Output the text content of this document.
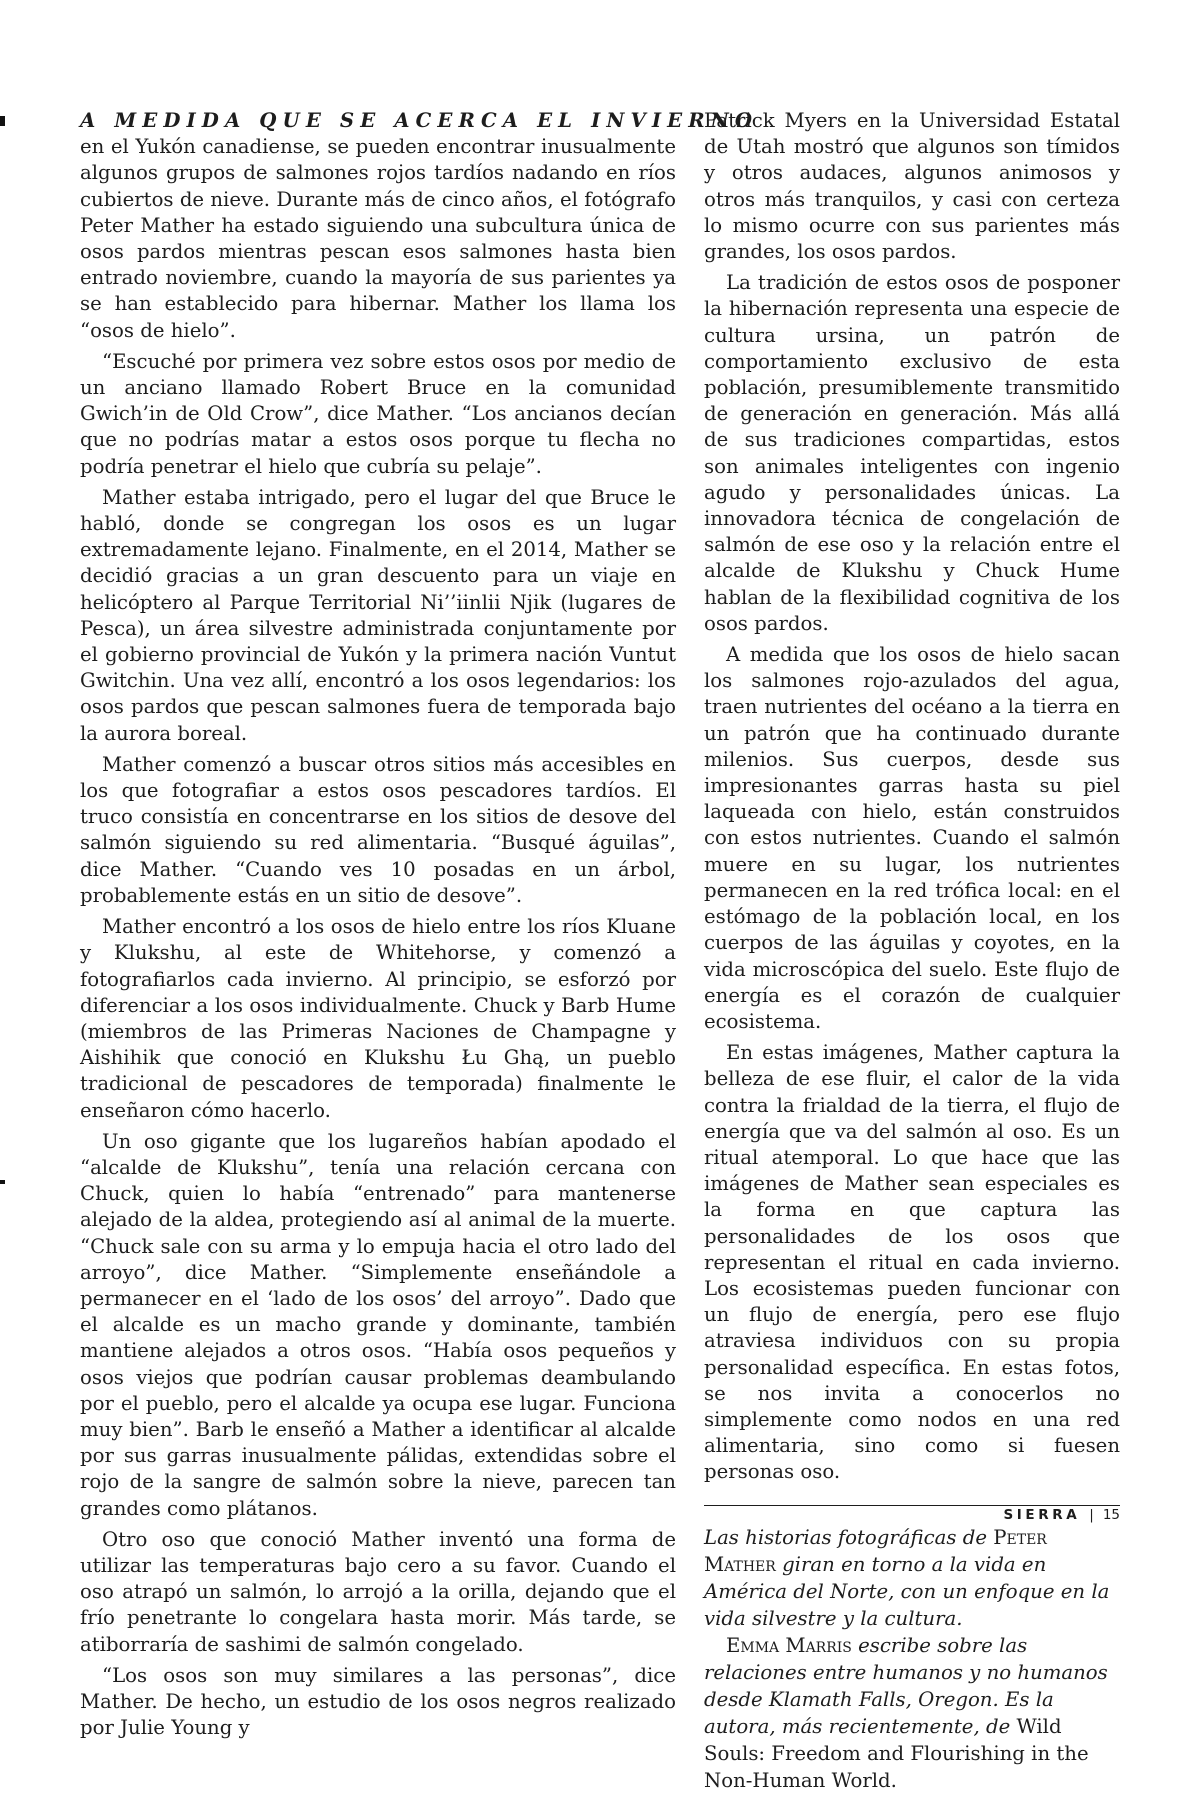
A MEDIDA QUE SE ACERCA EL INVIERNO en el Yukón canadiense, se pueden encontrar inusualmente algunos grupos de salmones rojos tardíos nadando en ríos cubiertos de nieve. Durante más de cinco años, el fotógrafo Peter Mather ha estado siguiendo una subcultura única de osos pardos mientras pescan esos salmones hasta bien entrado noviembre, cuando la mayoría de sus parientes ya se han establecido para hibernar. Mather los llama los “osos de hielo”.

“Escuché por primera vez sobre estos osos por medio de un anciano llamado Robert Bruce en la comunidad Gwich’in de Old Crow”, dice Mather. “Los ancianos decían que no podrías matar a estos osos porque tu flecha no podría penetrar el hielo que cubría su pelaje”.

Mather estaba intrigado, pero el lugar del que Bruce le habló, donde se congregan los osos es un lugar extremadamente lejano. Finalmente, en el 2014, Mather se decidió gracias a un gran descuento para un viaje en helicóptero al Parque Territorial Ni’’iinlii Njik (lugares de Pesca), un área silvestre administrada conjuntamente por el gobierno provincial de Yukón y la primera nación Vuntut Gwitchin. Una vez allí, encontró a los osos legendarios: los osos pardos que pescan salmones fuera de temporada bajo la aurora boreal.

Mather comenzó a buscar otros sitios más accesibles en los que fotografiar a estos osos pescadores tardíos. El truco consistía en concentrarse en los sitios de desove del salmón siguiendo su red alimentaria. “Busqué águilas”, dice Mather. “Cuando ves 10 posadas en un árbol, probablemente estás en un sitio de desove”.

Mather encontró a los osos de hielo entre los ríos Kluane y Klukshu, al este de Whitehorse, y comenzó a fotografiarlos cada invierno. Al principio, se esforzó por diferenciar a los osos individualmente. Chuck y Barb Hume (miembros de las Primeras Naciones de Champagne y Aishihik que conoció en Klukshu Łu Ghą, un pueblo tradicional de pescadores de temporada) finalmente le enseñaron cómo hacerlo.

Un oso gigante que los lugareños habían apodado el “alcalde de Klukshu”, tenía una relación cercana con Chuck, quien lo había “entrenado” para mantenerse alejado de la aldea, protegiendo así al animal de la muerte. “Chuck sale con su arma y lo empuja hacia el otro lado del arroyo”, dice Mather. “Simplemente enseñándole a permanecer en el ‘lado de los osos’ del arroyo”. Dado que el alcalde es un macho grande y dominante, también mantiene alejados a otros osos. “Había osos pequeños y osos viejos que podrían causar problemas deambulando por el pueblo, pero el alcalde ya ocupa ese lugar. Funciona muy bien”. Barb le enseñó a Mather a identificar al alcalde por sus garras inusualmente pálidas, extendidas sobre el rojo de la sangre de salmón sobre la nieve, parecen tan grandes como plátanos.

Otro oso que conoció Mather inventó una forma de utilizar las temperaturas bajo cero a su favor. Cuando el oso atrapó un salmón, lo arrojó a la orilla, dejando que el frío penetrante lo congelara hasta morir. Más tarde, se atiborraría de sashimi de salmón congelado.

“Los osos son muy similares a las personas”, dice Mather. De hecho, un estudio de los osos negros realizado por Julie Young y

Patrick Myers en la Universidad Estatal de Utah mostró que algunos son tímidos y otros audaces, algunos animosos y otros más tranquilos, y casi con certeza lo mismo ocurre con sus parientes más grandes, los osos pardos.

La tradición de estos osos de posponer la hibernación representa una especie de cultura ursina, un patrón de comportamiento exclusivo de esta población, presumiblemente transmitido de generación en generación. Más allá de sus tradiciones compartidas, estos son animales inteligentes con ingenio agudo y personalidades únicas. La innovadora técnica de congelación de salmón de ese oso y la relación entre el alcalde de Klukshu y Chuck Hume hablan de la flexibilidad cognitiva de los osos pardos.

A medida que los osos de hielo sacan los salmones rojo-azulados del agua, traen nutrientes del océano a la tierra en un patrón que ha continuado durante milenios. Sus cuerpos, desde sus impresionantes garras hasta su piel laqueada con hielo, están construidos con estos nutrientes. Cuando el salmón muere en su lugar, los nutrientes permanecen en la red trófica local: en el estómago de la población local, en los cuerpos de las águilas y coyotes, en la vida microscópica del suelo. Este flujo de energía es el corazón de cualquier ecosistema.

En estas imágenes, Mather captura la belleza de ese fluir, el calor de la vida contra la frialdad de la tierra, el flujo de energía que va del salmón al oso. Es un ritual atemporal. Lo que hace que las imágenes de Mather sean especiales es la forma en que captura las personalidades de los osos que representan el ritual en cada invierno. Los ecosistemas pueden funcionar con un flujo de energía, pero ese flujo atraviesa individuos con su propia personalidad específica. En estas fotos, se nos invita a conocerlos no simplemente como nodos en una red alimentaria, sino como si fuesen personas oso.

Las historias fotográficas de Peter Mather giran en torno a la vida en América del Norte, con un enfoque en la vida silvestre y la cultura.

Emma Marris escribe sobre las relaciones entre humanos y no humanos desde Klamath Falls, Oregon. Es la autora, más recientemente, de Wild Souls: Freedom and Flourishing in the Non-Human World.

SIERRA | 15
